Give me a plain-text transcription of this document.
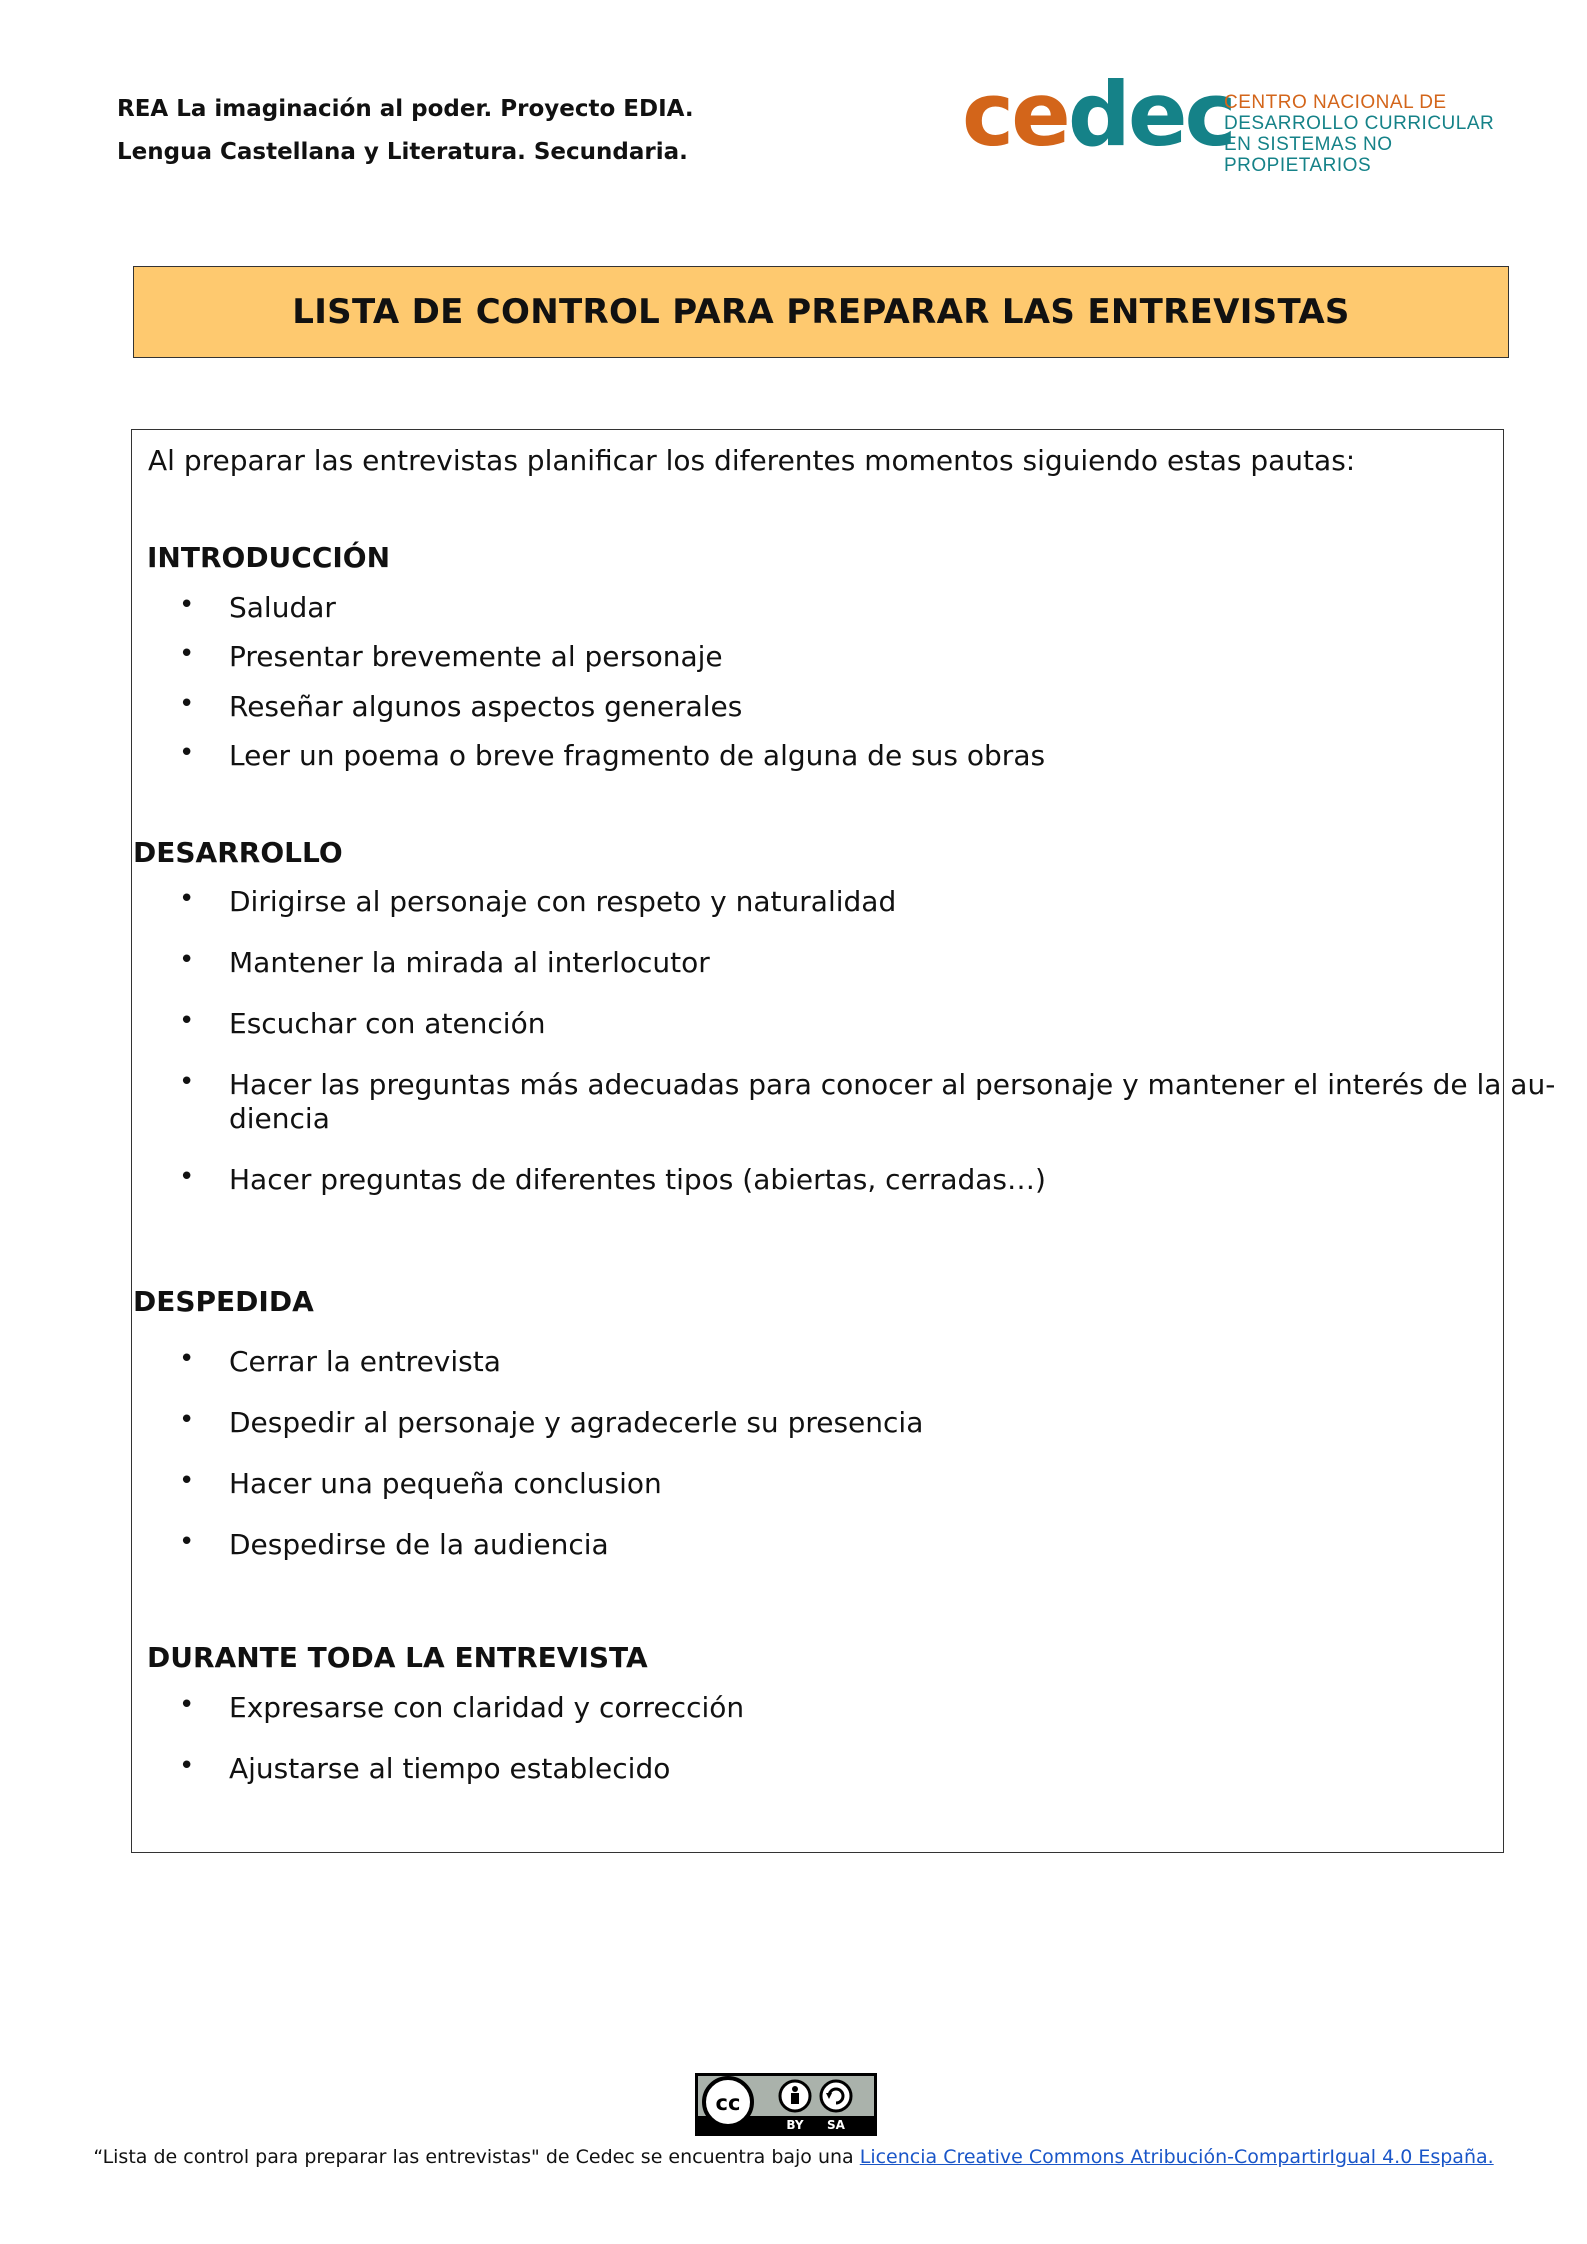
REA La imaginación al poder. Proyecto EDIA.
Lengua Castellana y Literatura. Secundaria.	cedec
CENTRO NACIONAL DE
DESARROLLO CURRICULAR
EN SISTEMAS NO PROPIETARIOS
LISTA DE CONTROL PARA PREPARAR LAS ENTREVISTAS
Al preparar las entrevistas planificar los diferentes momentos siguiendo estas pautas:
INTRODUCCIÓN
• Saludar
• Presentar brevemente al personaje
• Reseñar algunos aspectos generales
• Leer un poema o breve fragmento de alguna de sus obras
DESARROLLO
• Dirigirse al personaje con respeto y naturalidad
• Mantener la mirada al interlocutor
• Escuchar con atención
• Hacer las preguntas más adecuadas para conocer al personaje y mantener el interés de la au-
diencia
• Hacer preguntas de diferentes tipos (abiertas, cerradas…)
DESPEDIDA
• Cerrar la entrevista
• Despedir al personaje y agradecerle su presencia
• Hacer una pequeña conclusion
• Despedirse de la audiencia
DURANTE TODA LA ENTREVISTA
• Expresarse con claridad y corrección
• Ajustarse al tiempo establecido
cc
BY SA
“Lista de control para preparar las entrevistas" de Cedec se encuentra bajo una Licencia Creative Commons Atribución-CompartirIgual 4.0 España.
